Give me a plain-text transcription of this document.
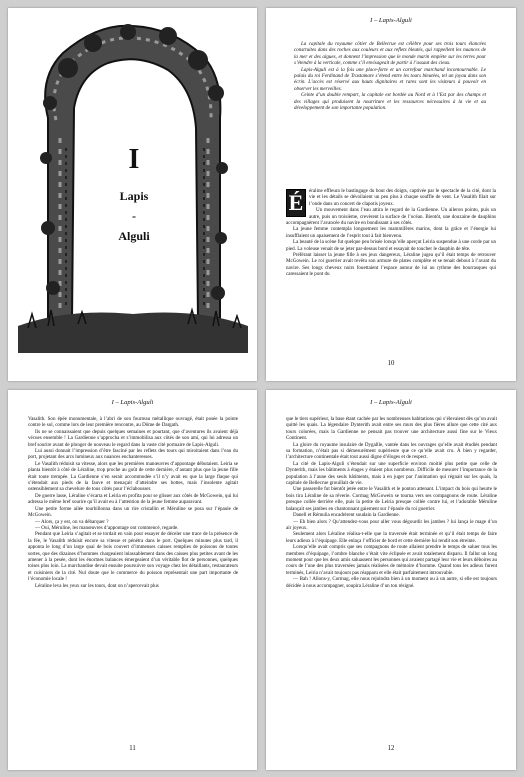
I
Lapis
-
Alguli
I – Lapis-Alguli

La capitale du royaume côtier de Bellecrue est célèbre pour ses trois tours élancées construites dans des roches aux couleurs et aux reflets bleutés, qui rappellent les nuances de la mer et des algues, et donnent l’impression que le monde marin empiète sur les terres pour s’étendre à la verticale, comme s’il envisageait de partir à l’assaut des cieux.

Lapis-Alguli est à la fois une place-forte et un carrefour marchand incontournable. Le palais du roi Ferdinand de Trastamare s’étend entre les tours bleutées, tel un joyau dans son écrin. L’accès est réservé aux hauts dignitaires et rares sont les visiteurs à pouvoir en observer les merveilles.

Ceinte d’un double rempart, la capitale est bordée au Nord et à l’Est par des champs et des villages qui produisent la nourriture et les ressources nécessaires à la vie et au développement de son importante population.

É	éraline effleura le bastingage du bout des doigts, captivée par le spectacle de la cité, dont la vie et les détails se dévoilaient un peu plus à chaque souffle de vent. Le Vasalith filait sur l’onde dans un concert de clapotis joyeux.

Un mouvement dans l’eau attira le regard de la Gardienne. Un aileron pointu, puis un autre, puis un troisième, crevèrent la surface de l’océan. Bientôt, une douzaine de dauphins accompagnèrent l’avancée du navire en bondissant à ses côtés.

La jeune femme contempla longuement les mammifères marins, dont la grâce et l’énergie lui insufflaient un apaisement de l’esprit tout à fait bienvenu.

La beauté de la scène fut quelque peu brisée lorsqu’elle aperçut Leiria suspendue à une corde par un pied. La voleuse venait de se jeter par-dessus bord et essayait de toucher le dauphin de tête.

Préférant laisser la jeune fille à ses jeux dangereux, Léraline jugea qu’il était temps de retrouver McGowein. Le roi guerrier avait revêtu son armure de plates complète et se tenait debout à l’avant du navire. Ses longs cheveux noirs fouettaient l’espace autour de lui au rythme des bourrasques qui caressaient le pont du

10
I – Lapis-Alguli

Vasalith. Son épée monumentale, à l’abri de son fourreau métallique ouvragé, était posée la pointe contre le sol, comme lors de leur première rencontre, au Dôme de Dargath.

Ils ne se connaissaient que depuis quelques semaines et pourtant, que d’aventures ils avaient déjà vécues ensemble ! La Gardienne s’approcha et s’immobilisa aux côtés de son ami, qui lui adressa un bref sourire avant de plonger de nouveau le regard dans la vaste cité portuaire de Lapis-Alguli.

Lui aussi donnait l’impression d’être fasciné par les reflets des tours qui miroitaient dans l’eau du port, projetant des arcs lumineux aux nuances enchanteresses.

Le Vasalith réduisit sa vitesse, alors que les premières manœuvres d’appontage débutaient. Leiria se planta bientôt à côté de Léraline, trop proche au goût de cette dernière, d’autant plus que la jeune fille était toute trempée. La Gardienne s’en serait accommodée s’il n’y avait eu que la large flaque qui s’étendait aux pieds de la fauve et menaçait d’atteindre ses bottes, mais l’insolente agitait ostensiblement sa chevelure de tous côtés pour l’éclabousser.

De guerre lasse, Léraline s’écarta et Leiria en profita pour se glisser aux côtés de McGowein, qui lui adressa le même bref sourire qu’il avait eu à l’attention de la jeune femme auparavant.

Une petite forme ailée tourbillonna dans un rire cristallin et Méruline se posa sur l’épaule de McGowein.

— Alors, ça y est, on va débarquer ?

— Oui, Méruline, les manœuvres d’appontage ont commencé, regarde.

Pendant que Leiria s’agitait et se tordait en vain pour essayer de déceler une trace de la présence de la fée, le Vasalith réduisit encore sa vitesse et pénétra dans le port. Quelques minutes plus tard, il apponta le long d’un large quai de bois couvert d’immenses caisses remplies de poissons de toutes sortes, que des dizaines d’hommes chargeaient inlassablement dans des caisses plus petites avant de les amener à la pesée, dont les énormes balances émergeaient d’un véritable flot de personnes, quelques toises plus loin. La marchandise devait ensuite poursuivre son voyage chez les détaillants, restaurateurs et cuisiniers de la cité. Nul doute que le commerce du poisson représentait une part importante de l’économie locale !

Léraline leva les yeux sur les tours, dont on n’apercevait plus

11
I – Lapis-Alguli

que le tiers supérieur, la base étant cachée par les nombreuses habitations qui s’élevaient dès qu’on avait quitté les quais. La légendaire Dynterith avait entre ses murs des plus fières allure que cette cité aux tours colorées, mais la Gardienne ne pensait pas trouver une architecture aussi fine sur le Vieux Continent.

La gloire du royaume insulaire de Dygallle, vantée dans les ouvrages qu’elle avait étudiés pendant sa formation, n’était pas si démesurément supérieure que ce qu’elle avait cru. À bien y regarder, l’architecture continentale était tout aussi digne d’éloges et de respect.

La cité de Lapis-Alguli s’étendait sur une superficie environ moitié plus petite que celle de Dynterith, mais les bâtiments à étages y étaient plus nombreux. Difficile de mesurer l’importance de la population à l’aune des seuls bâtiments, mais à en juger par l’animation qui régnait sur les quais, la capitale de Bellecrue grouillait de vie.

Une passerelle fut bientôt jetée entre le Vasalith et le ponton attenant. L’impact du bois qui heurte le bois tira Léraline de sa rêverie. Cormag McGowein se tourna vers ses compagnons de route. Léraline presque collée derrière elle, puis la petite de Leiria presque collée contre lui, et l’adorable Méruline balançait ses jambes en chantonnant gaiement sur l’épaule du roi guerrier.

Danell et Rémulia encadrèrent soudain la Gardienne.

— Eh bien alors ? Qu’attendez-vous pour aller vous dégourdir les jambes ? lui lança le mage d’un air joyeux.

Seulement alors Léraline réalisa-t-elle que la traversée était terminée et qu’il était temps de faire leurs adieux à l’équipage. Elle enlaça l’officier de bord et cette dernière lui rendit son étreinte.

Lorsqu’elle avait compris que ses compagnons de route allaient prendre le temps de saluer tous les membres d’équipage, l’ombre blanche s’était vite éclipsée et avait totalement disparu. Il fallut un long moment pour que les deux amis saluassent les personnes qui avaient partagé leur vie et leurs déboires au cours de l’une des plus traversées jamais réalisées de mémoire d’homme. Quand tous les adieux furent terminés, Leiria n’avait toujours pas réapparu et elle était parfaitement introuvable.

— Bah ! Allons-y, Cormag, elle nous rejoindra bien à un moment ou à un autre, si elle est toujours décidée à nous accompagner, soupira Léraline d’un ton résigné.

12
